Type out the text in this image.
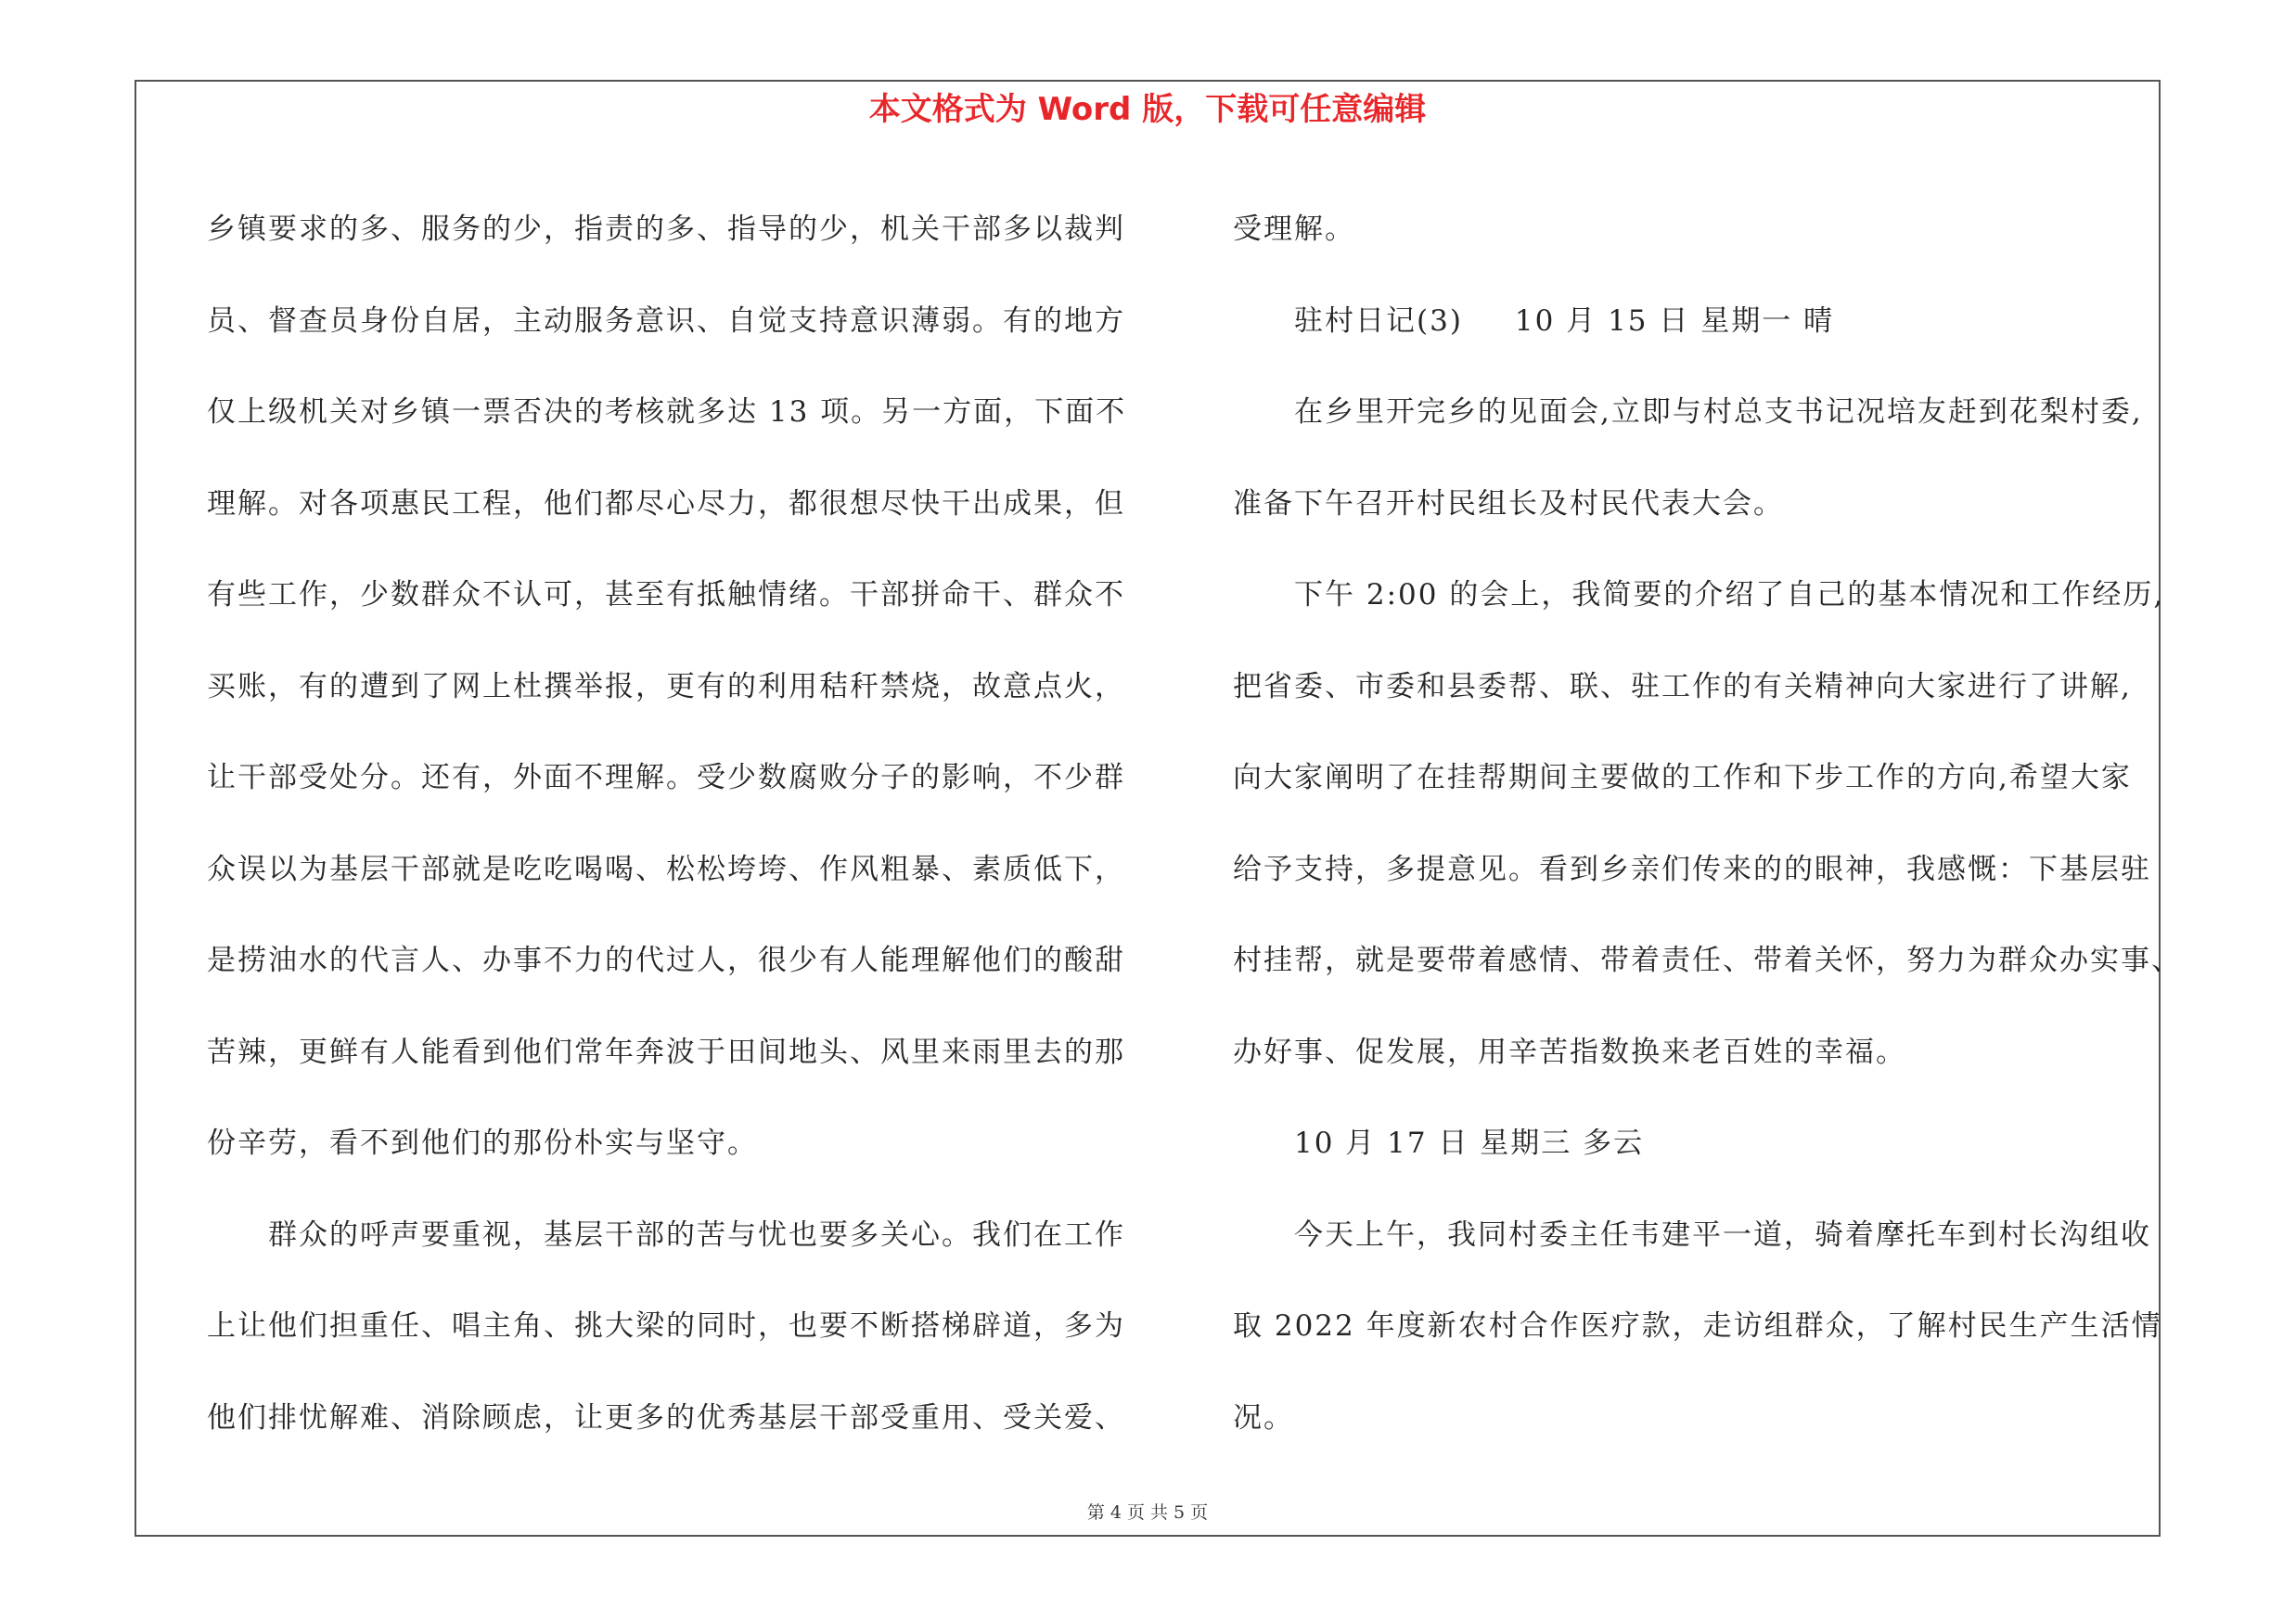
本文格式为 Word 版，下载可任意编辑
乡镇要求的多、服务的少，指责的多、指导的少，机关干部多以裁判
员、督查员身份自居，主动服务意识、自觉支持意识薄弱。有的地方
仅上级机关对乡镇一票否决的考核就多达 13 项。另一方面，下面不
理解。对各项惠民工程，他们都尽心尽力，都很想尽快干出成果，但
有些工作，少数群众不认可，甚至有抵触情绪。干部拼命干、群众不
买账，有的遭到了网上杜撰举报，更有的利用秸秆禁烧，故意点火，
让干部受处分。还有，外面不理解。受少数腐败分子的影响，不少群
众误以为基层干部就是吃吃喝喝、松松垮垮、作风粗暴、素质低下，
是捞油水的代言人、办事不力的代过人，很少有人能理解他们的酸甜
苦辣，更鲜有人能看到他们常年奔波于田间地头、风里来雨里去的那
份辛劳，看不到他们的那份朴实与坚守。
群众的呼声要重视，基层干部的苦与忧也要多关心。我们在工作
上让他们担重任、唱主角、挑大梁的同时，也要不断搭梯辟道，多为
他们排忧解难、消除顾虑，让更多的优秀基层干部受重用、受关爱、
受理解。
驻村日记(3) 10 月 15 日 星期一 晴
在乡里开完乡的见面会,立即与村总支书记况培友赶到花梨村委,
准备下午召开村民组长及村民代表大会。
下午 2:00 的会上，我简要的介绍了自己的基本情况和工作经历,
把省委、市委和县委帮、联、驻工作的有关精神向大家进行了讲解,
向大家阐明了在挂帮期间主要做的工作和下步工作的方向,希望大家
给予支持，多提意见。看到乡亲们传来的的眼神，我感慨：下基层驻
村挂帮，就是要带着感情、带着责任、带着关怀，努力为群众办实事、
办好事、促发展，用辛苦指数换来老百姓的幸福。
10 月 17 日 星期三 多云
今天上午，我同村委主任韦建平一道，骑着摩托车到村长沟组收
取 2022 年度新农村合作医疗款，走访组群众，了解村民生产生活情
况。
第 4 页 共 5 页
